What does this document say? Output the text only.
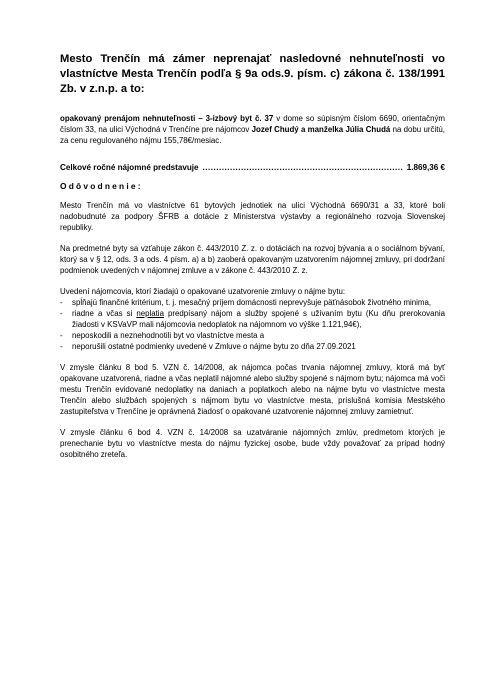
Mesto Trenčín má zámer neprenajať nasledovné nehnuteľnosti vo vlastníctve Mesta Trenčín podľa § 9a ods.9. písm. c) zákona č. 138/1991 Zb. v z.n.p. a to:

opakovaný prenájom nehnuteľnosti – 3-izbový byt č. 37 v dome so súpisným číslom 6690, orientačným číslom 33, na ulici Východná v Trenčíne pre nájomcov Jozef Chudý a manželka Júlia Chudá na dobu určitú, za cenu regulovaného nájmu 155,78€/mesiac.

Celkové ročné nájomné predstavuje
.....	1.869,36 €
Odôvodnenie:

Mesto Trenčín má vo vlastníctve 61 bytových jednotiek na ulici Východná 6690/31 a 33, ktoré boli nadobudnuté za podpory ŠFRB a dotácie z Ministerstva výstavby a regionálneho rozvoja Slovenskej republiky.

Na predmetné byty sa vzťahuje zákon č. 443/2010 Z. z. o dotáciách na rozvoj bývania a o sociálnom bývaní, ktorý sa v § 12, ods. 3 a ods. 4 písm. a) a b) zaoberá opakovaným uzatvorením nájomnej zmluvy, pri dodržaní podmienok uvedených v nájomnej zmluve a v zákone č. 443/2010 Z. z.

Uvedení nájomcovia, ktorí žiadajú o opakované uzatvorenie zmluvy o nájme bytu:

- spĺňajú finančné kritérium, t. j. mesačný príjem domácnosti neprevyšuje päťnásobok životného minima,
- riadne a včas si neplatia predpísaný nájom a služby spojené s užívaním bytu (Ku dňu prerokovania žiadosti v KSVaVP mali nájomcovia nedoplatok na nájomnom vo výške 1.121,94€),
- neposkodili a neznehodnotili byt vo vlastníctve mesta a
- neporušili ostatné podmienky uvedené v Zmluve o nájme bytu zo dňa 27.09.2021

V zmysle článku 8 bod 5. VZN č. 14/2008, ak nájomca počas trvania nájomnej zmluvy, ktorá má byť opakovane uzatvorená, riadne a včas neplatil nájomné alebo služby spojené s nájmom bytu; nájomca má voči mestu Trenčín evidované nedoplatky na daniach a poplatkoch alebo na nájme bytu vo vlastníctve mesta Trenčín alebo službách spojených s nájmom bytu vo vlastníctve mesta, príslušná komisia Mestského zastupiteľstva v Trenčíne je oprávnená žiadosť o opakované uzatvorenie nájomnej zmluvy zamietnuť.

V zmysle článku 6 bod 4. VZN č. 14/2008 sa uzatváranie nájomných zmlúv, predmetom ktorých je prenechanie bytu vo vlastníctve mesta do nájmu fyzickej osobe, bude vždy považovať za prípad hodný osobitného zreteľa.
